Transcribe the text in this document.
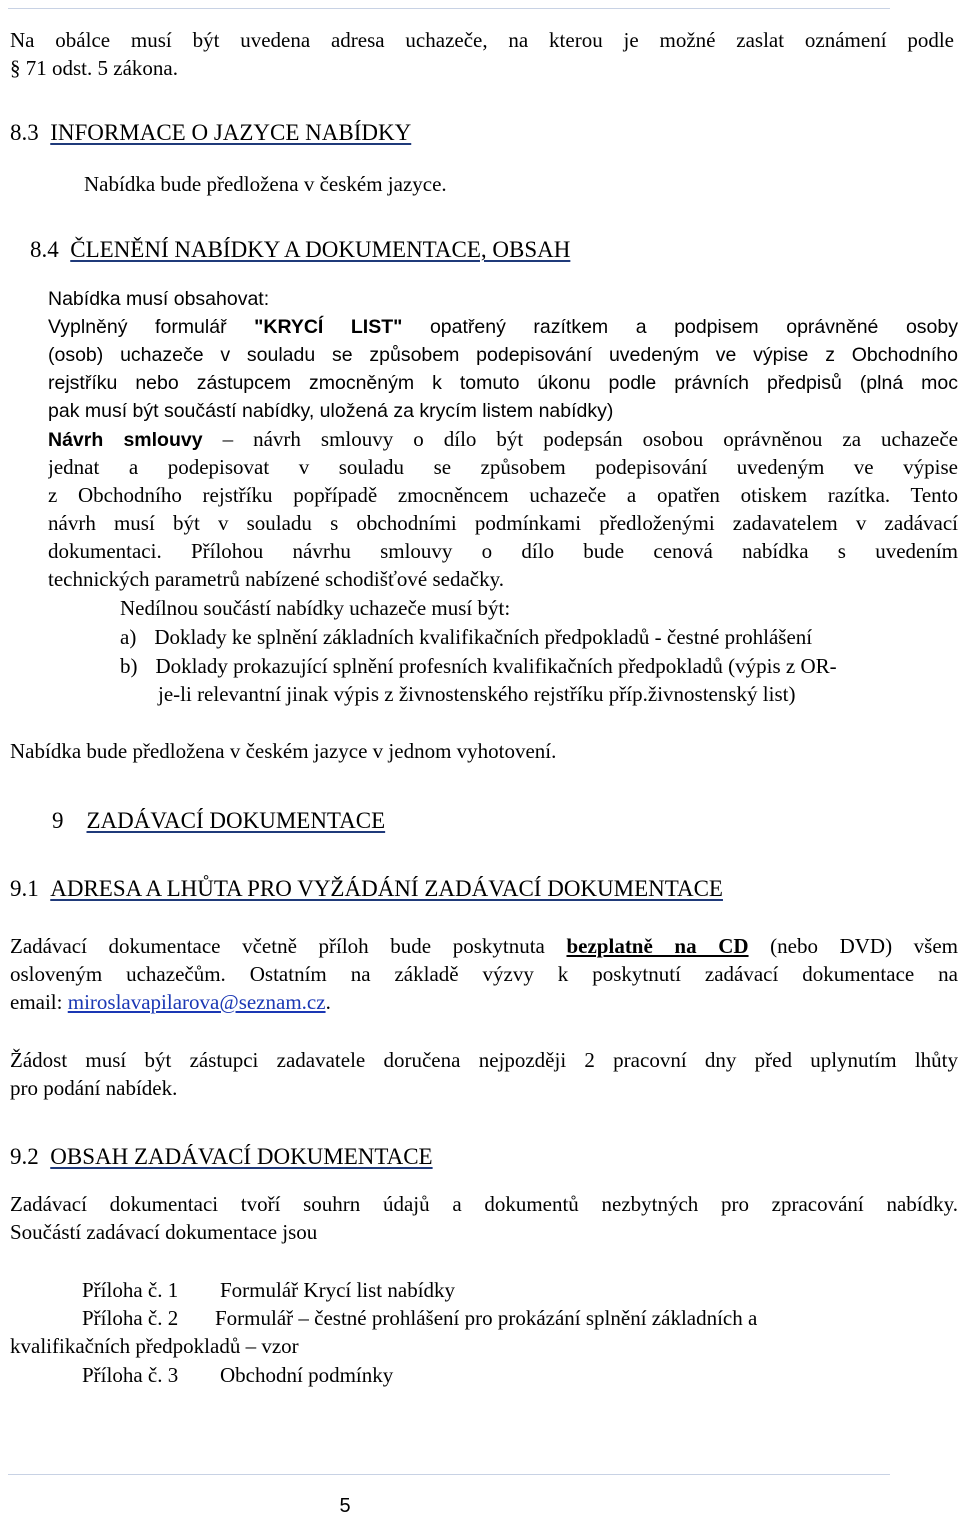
Na obálce musí být uvedena adresa uchazeče, na kterou je možné zaslat oznámení podle
§ 71 odst. 5 zákona.
8.3 INFORMACE O JAZYCE NABÍDKY
Nabídka bude předložena v českém jazyce.
8.4 ČLENĚNÍ NABÍDKY A DOKUMENTACE, OBSAH
Nabídka musí obsahovat:
Vyplněný formulář "KRYCÍ LIST" opatřený razítkem a podpisem oprávněné osoby
(osob) uchazeče v souladu se způsobem podepisování uvedeným ve výpise z Obchodního
rejstříku nebo zástupcem zmocněným k tomuto úkonu podle právních předpisů (plná moc
pak musí být součástí nabídky, uložená za krycím listem nabídky)
Návrh smlouvy – návrh smlouvy o dílo být podepsán osobou oprávněnou za uchazeče
jednat a podepisovat v souladu se způsobem podepisování uvedeným ve výpise
z Obchodního rejstříku popřípadě zmocněncem uchazeče a opatřen otiskem razítka. Tento
návrh musí být v souladu s obchodními podmínkami předloženými zadavatelem v zadávací
dokumentaci. Přílohou návrhu smlouvy o dílo bude cenová nabídka s uvedením
technických parametrů nabízené schodišťové sedačky.
Nedílnou součástí nabídky uchazeče musí být:
a) Doklady ke splnění základních kvalifikačních předpokladů - čestné prohlášení
b) Doklady prokazující splnění profesních kvalifikačních předpokladů (výpis z OR-
je-li relevantní jinak výpis z živnostenského rejstříku příp.živnostenský list)
Nabídka bude předložena v českém jazyce v jednom vyhotovení.
9 ZADÁVACÍ DOKUMENTACE
9.1 ADRESA A LHŮTA PRO VYŽÁDÁNÍ ZADÁVACÍ DOKUMENTACE
Zadávací dokumentace včetně příloh bude poskytnuta bezplatně na CD (nebo DVD) všem
osloveným uchazečům. Ostatním na základě výzvy k poskytnutí zadávací dokumentace na
email: miroslavapilarova@seznam.cz.
Žádost musí být zástupci zadavatele doručena nejpozději 2 pracovní dny před uplynutím lhůty
pro podání nabídek.
9.2 OBSAH ZADÁVACÍ DOKUMENTACE
Zadávací dokumentaci tvoří souhrn údajů a dokumentů nezbytných pro zpracování nabídky.
Součástí zadávací dokumentace jsou
Příloha č. 1 Formulář Krycí list nabídky
Příloha č. 2 Formulář – čestné prohlášení pro prokázání splnění základních a
kvalifikačních předpokladů – vzor
Příloha č. 3 Obchodní podmínky
5
